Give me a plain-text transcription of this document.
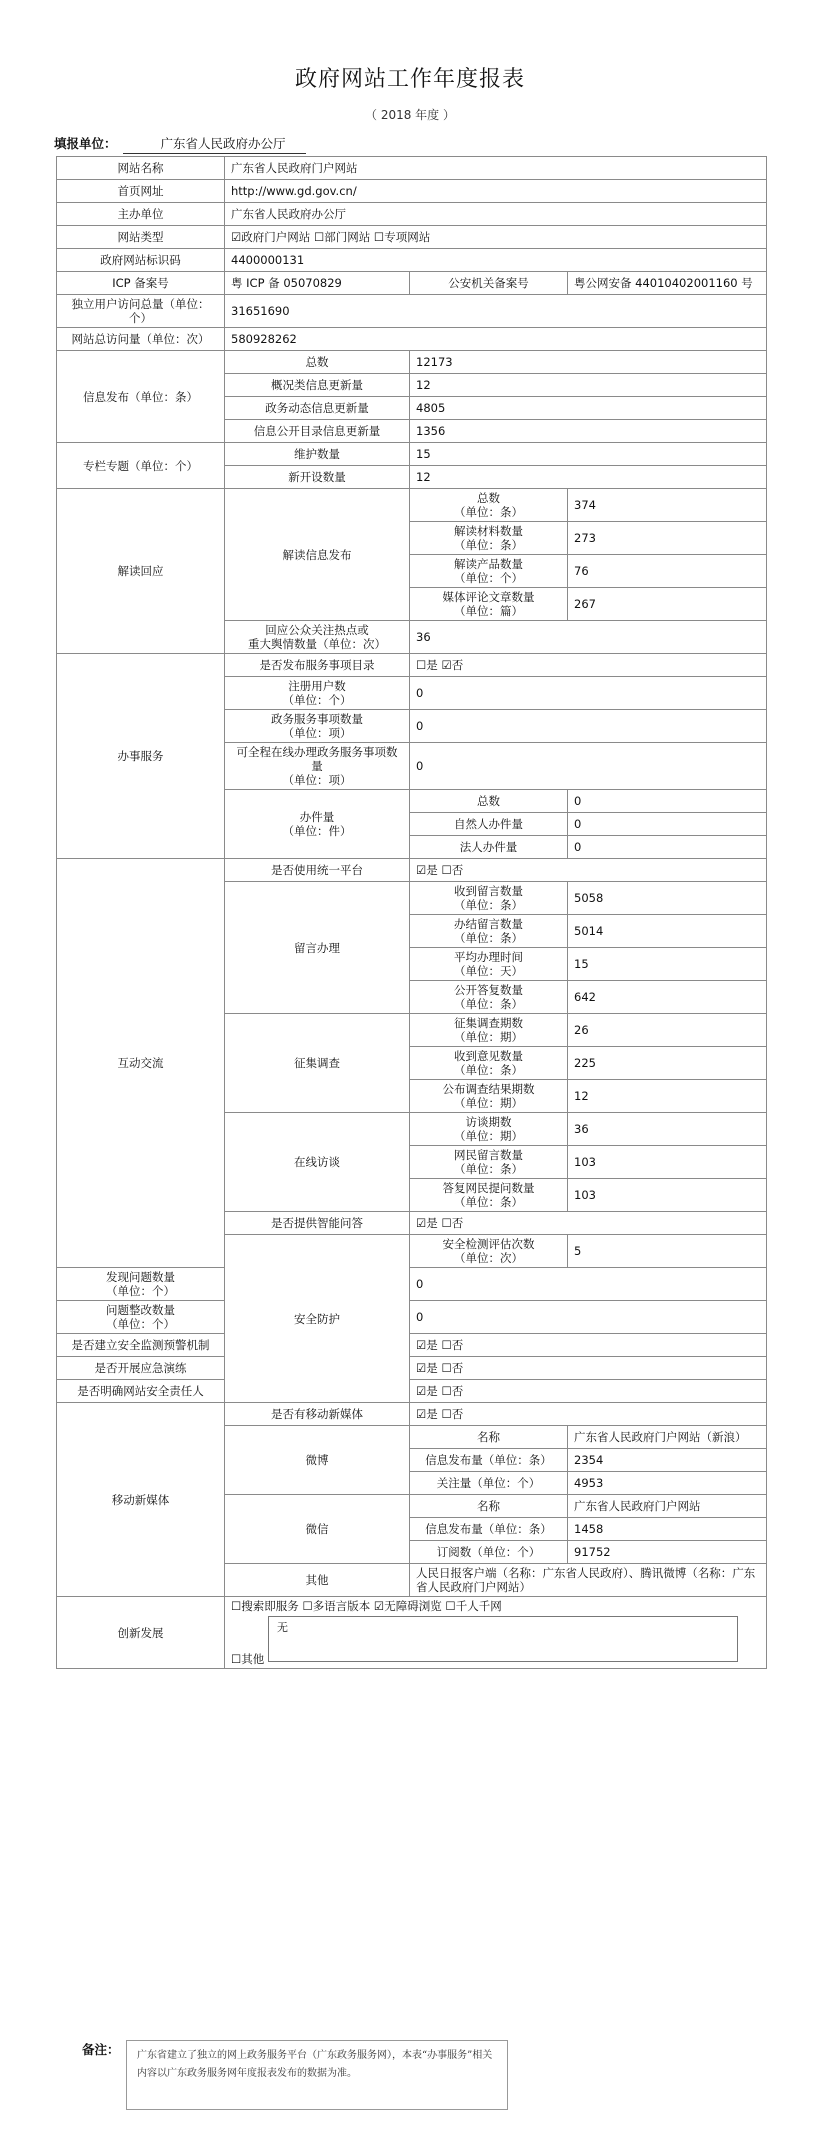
政府网站工作年度报表
（ 2018 年度 ）
填报单位：	广东省人民政府办公厅
网站名称	广东省人民政府门户网站		
首页网址	http://www.gd.gov.cn/		
主办单位	广东省人民政府办公厅		
网站类型	☑政府门户网站 ☐部门网站 ☐专项网站		
政府网站标识码	4400000131		
ICP 备案号	粤 ICP 备 05070829	公安机关备案号	粤公网安备 44010402001160 号
独立用户访问总量（单位：个）	31651690		
网站总访问量（单位：次）	580928262		
信息发布（单位：条）	总数	12173	
	概况类信息更新量	12	
	政务动态信息更新量	4805	
	信息公开目录信息更新量	1356	
专栏专题（单位：个）	维护数量	15	
	新开设数量	12	
解读回应	解读信息发布	总数
（单位：条）	374
		解读材料数量
（单位：条）	273
		解读产品数量
（单位：个）	76
		媒体评论文章数量
（单位：篇）	267
	回应公众关注热点或
重大舆情数量（单位：次）	36	
办事服务	是否发布服务事项目录	☐是 ☑否	
	注册用户数
（单位：个）	0	
	政务服务事项数量
（单位：项）	0	
	可全程在线办理政务服务事项数量
（单位：项）	0	
	办件量
（单位：件）	总数	0
		自然人办件量	0
		法人办件量	0
互动交流	是否使用统一平台	☑是 ☐否	
	留言办理	收到留言数量
（单位：条）	5058
		办结留言数量
（单位：条）	5014
		平均办理时间
（单位：天）	15
		公开答复数量
（单位：条）	642
	征集调查	征集调查期数
（单位：期）	26
		收到意见数量
（单位：条）	225
		公布调查结果期数
（单位：期）	12
	在线访谈	访谈期数
（单位：期）	36
		网民留言数量
（单位：条）	103
		答复网民提问数量
（单位：条）	103
	是否提供智能问答	☑是 ☐否	
	安全防护	安全检测评估次数
（单位：次）	5
发现问题数量
（单位：个）		0	
问题整改数量
（单位：个）		0	
是否建立安全监测预警机制		☑是 ☐否	
是否开展应急演练		☑是 ☐否	
是否明确网站安全责任人		☑是 ☐否	
移动新媒体	是否有移动新媒体	☑是 ☐否	
	微博	名称	广东省人民政府门户网站（新浪）
		信息发布量（单位：条）	2354
		关注量（单位：个）	4953
	微信	名称	广东省人民政府门户网站
		信息发布量（单位：条）	1458
		订阅数（单位：个）	91752
	其他	人民日报客户端（名称：广东省人民政府）、腾讯微博（名称：广东省人民政府门户网站）	
创新发展	☐搜索即服务 ☐多语言版本 ☑无障碍浏览 ☐千人千网
☐其他 无		
备注：	广东省建立了独立的网上政务服务平台（广东政务服务网），本表“办事服务”相关内容以广东政务服务网年度报表发布的数据为准。
